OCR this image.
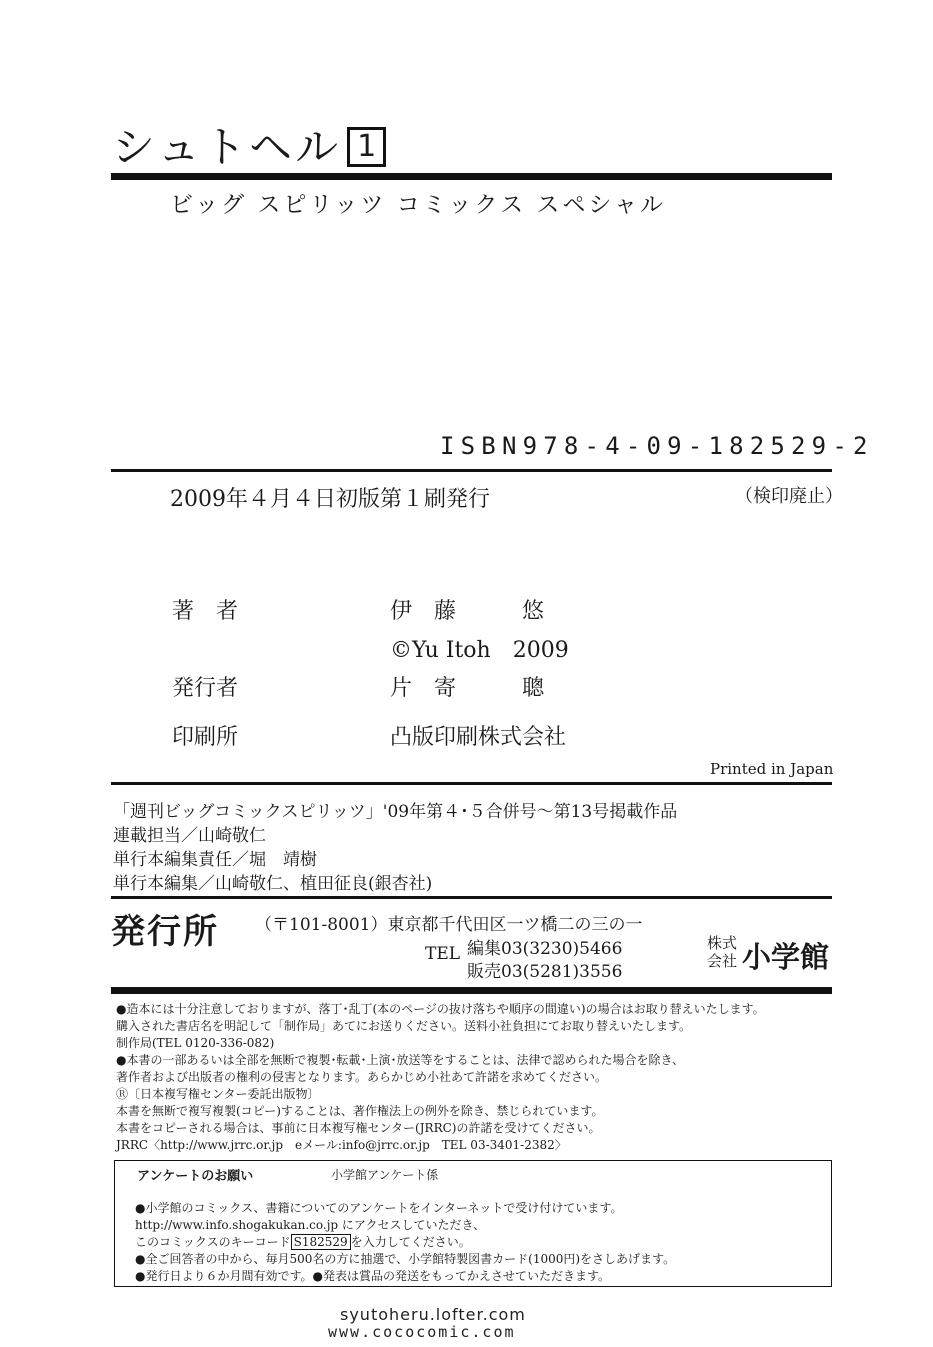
シュトヘル 1
ビッグ スピリッツ コミックス スペシャル
ISBN978-4-09-182529-2
2009年４月４日初版第１刷発行	（検印廃止）
著　者	伊　藤　　　悠
©Yu Itoh　2009
発行者	片　寄　　　聰
印刷所	凸版印刷株式会社
Printed in Japan
「週刊ビッグコミックスピリッツ」'09年第４･５合併号～第13号掲載作品
連載担当／山崎敬仁
単行本編集責任／堀　靖樹
単行本編集／山崎敬仁、植田征良(銀杏社)
発行所 （〒101-8001）東京都千代田区一ツ橋二の三の一
TEL 編集03(3230)5466
販売03(5281)3556
株式会社 小学館
●造本には十分注意しておりますが、落丁･乱丁(本のページの抜け落ちや順序の間違い)の場合はお取り替えいたします。
購入された書店名を明記して「制作局」あてにお送りください。送料小社負担にてお取り替えいたします。
制作局(TEL 0120-336-082)
●本書の一部あるいは全部を無断で複製･転載･上演･放送等をすることは、法律で認められた場合を除き、
著作者および出版者の権利の侵害となります。あらかじめ小社あて許諾を求めてください。
Ⓡ〔日本複写権センター委託出版物〕
本書を無断で複写複製(コピー)することは、著作権法上の例外を除き、禁じられています。
本書をコピーされる場合は、事前に日本複写権センター(JRRC)の許諾を受けてください。
JRRC〈http://www.jrrc.or.jp　eメール:info@jrrc.or.jp　TEL 03-3401-2382〉
アンケートのお願い	小学館アンケート係
●小学館のコミックス、書籍についてのアンケートをインターネットで受け付けています。
http://www.info.shogakukan.co.jp にアクセスしていただき、
このコミックスのキーコード S182529 を入力してください。
●全ご回答者の中から、毎月500名の方に抽選で、小学館特製図書カード(1000円)をさしあげます。
●発行日より６か月間有効です。●発表は賞品の発送をもってかえさせていただきます。
syutoheru.lofter.com
www.cococomic.com
